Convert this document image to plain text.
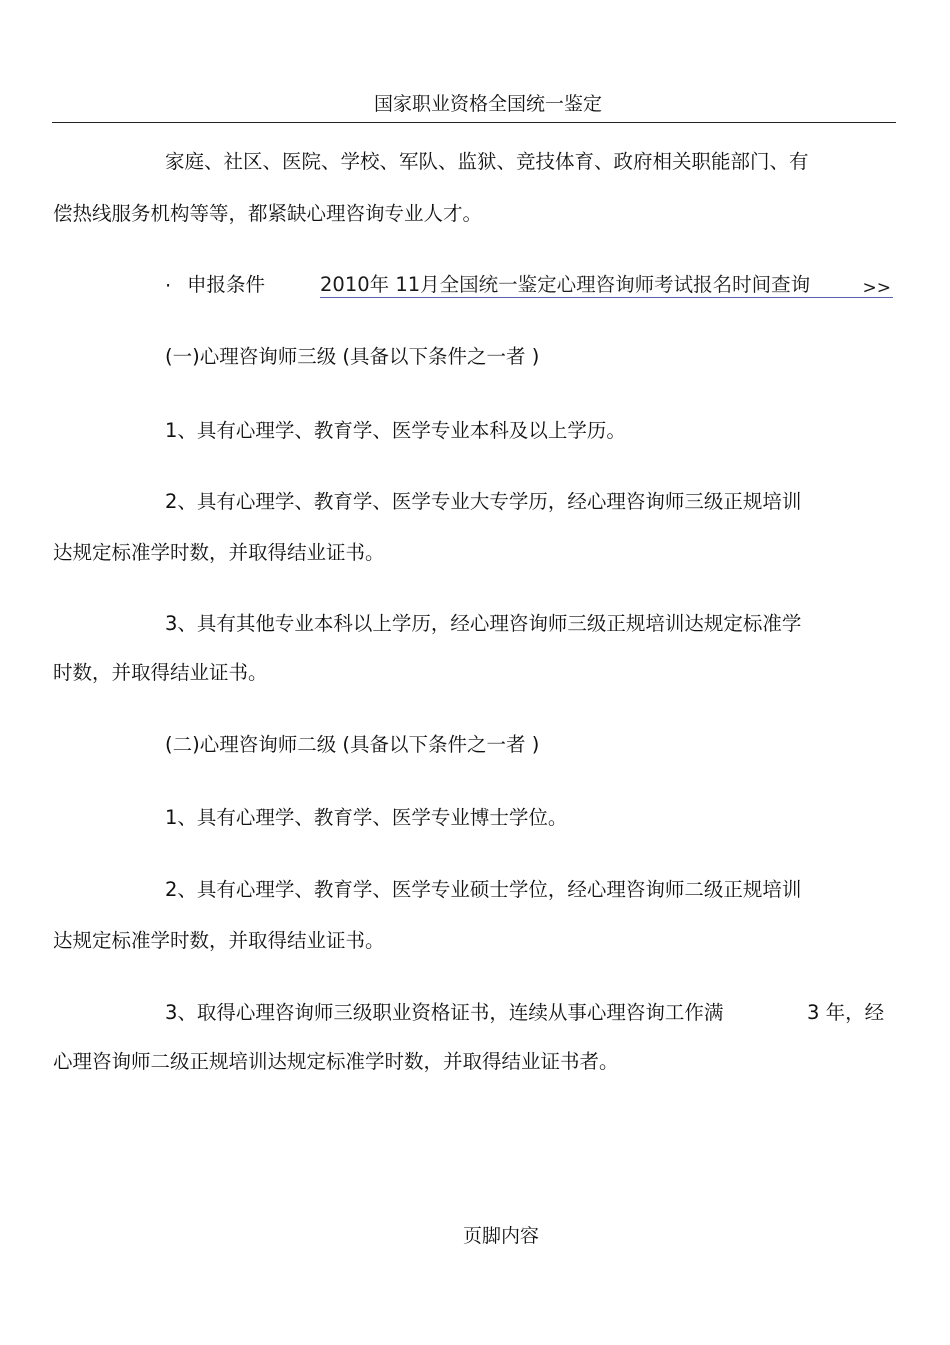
国家职业资格全国统一鉴定
家庭、社区、医院、学校、军队、监狱、竞技体育、政府相关职能部门、有
偿热线服务机构等等，都紧缺心理咨询专业人才。
· 申报条件	2010年 11月全国统一鉴定心理咨询师考试报名时间查询	>>
(一)心理咨询师三级 (具备以下条件之一者 )
1、具有心理学、教育学、医学专业本科及以上学历。
2、具有心理学、教育学、医学专业大专学历，经心理咨询师三级正规培训
达规定标准学时数，并取得结业证书。
3、具有其他专业本科以上学历，经心理咨询师三级正规培训达规定标准学
时数，并取得结业证书。
(二)心理咨询师二级 (具备以下条件之一者 )
1、具有心理学、教育学、医学专业博士学位。
2、具有心理学、教育学、医学专业硕士学位，经心理咨询师二级正规培训
达规定标准学时数，并取得结业证书。
3、取得心理咨询师三级职业资格证书，连续从事心理咨询工作满	3 年，经
心理咨询师二级正规培训达规定标准学时数，并取得结业证书者。
页脚内容
